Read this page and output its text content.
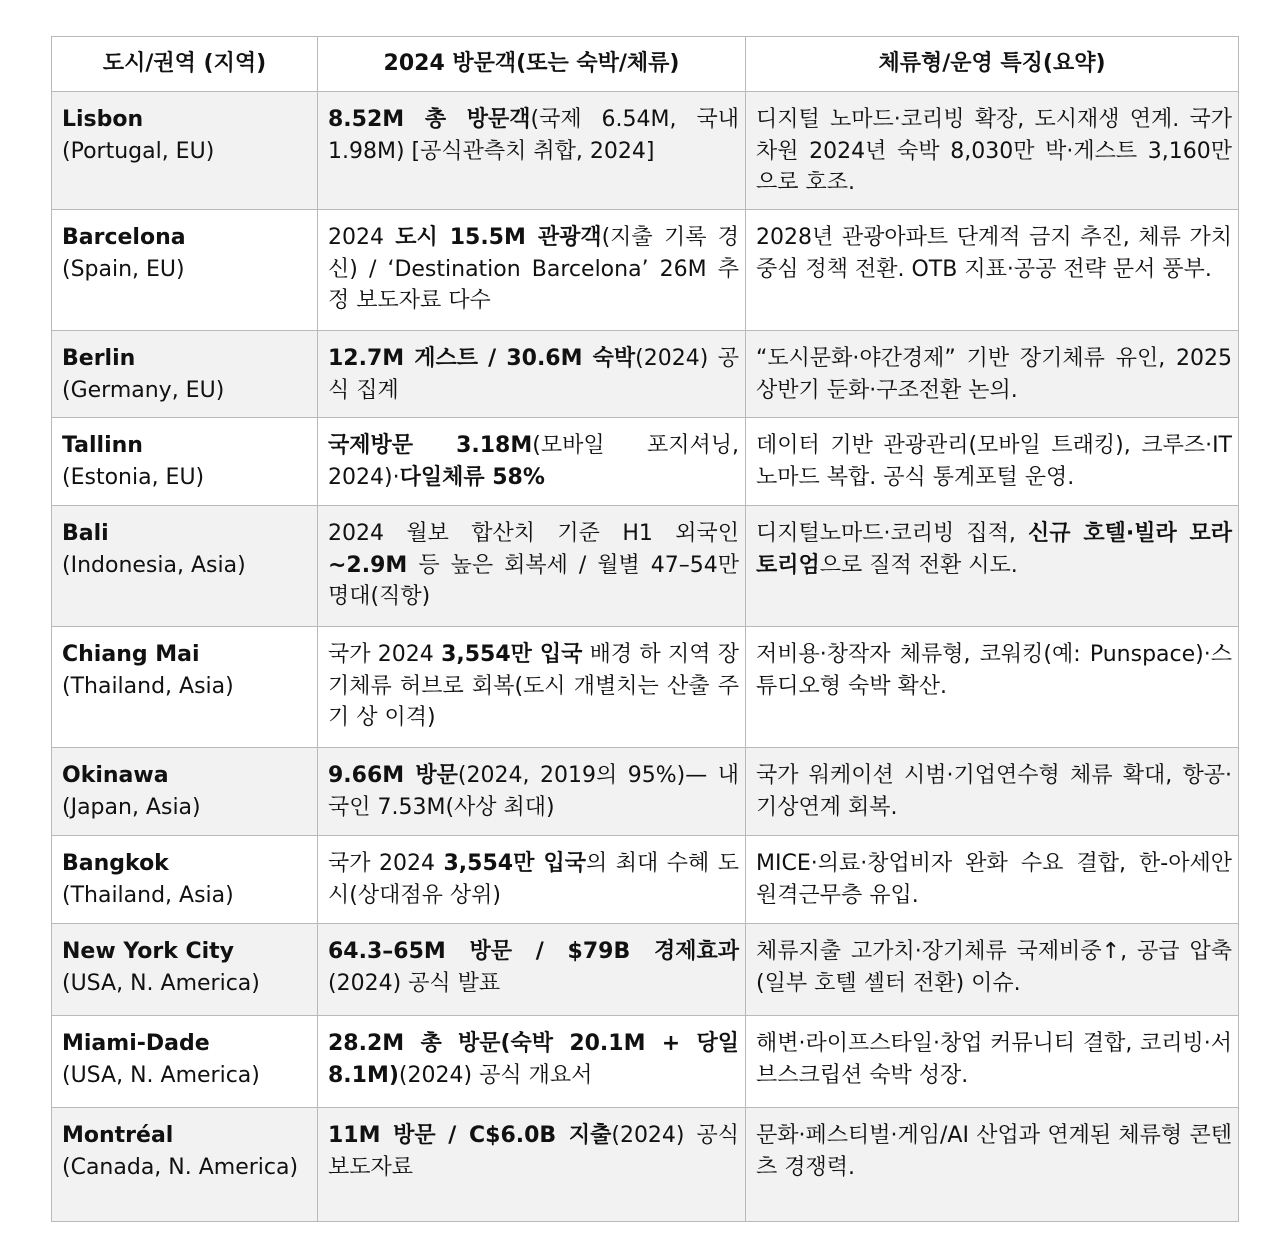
도시/권역 (지역)	2024 방문객(또는 숙박/체류)	체류형/운영 특징(요약)

Lisbon
(Portugal, EU)	8.52M 총 방문객(국제 6.54M, 국내 1.98M) [공식관측치 취합, 2024]	디지털 노마드·코리빙 확장, 도시재생 연계. 국가 차원 2024년 숙박 8,030만 박·게스트 3,160만으로 호조.

Barcelona
(Spain, EU)	2024 도시 15.5M 관광객(지출 기록 경신) / ‘Destination Barcelona’ 26M 추정 보도자료 다수	2028년 관광아파트 단계적 금지 추진, 체류 가치 중심 정책 전환. OTB 지표·공공 전략 문서 풍부.

Berlin
(Germany, EU)	12.7M 게스트 / 30.6M 숙박(2024) 공식 집계	“도시문화·야간경제” 기반 장기체류 유인, 2025 상반기 둔화·구조전환 논의.

Tallinn
(Estonia, EU)	국제방문 3.18M(모바일 포지셔닝, 2024)·다일체류 58%	데이터 기반 관광관리(모바일 트래킹), 크루즈·IT노마드 복합. 공식 통계포털 운영.

Bali
(Indonesia, Asia)	2024 월보 합산치 기준 H1 외국인 ~2.9M 등 높은 회복세 / 월별 47–54만 명대(직항)	디지털노마드·코리빙 집적, 신규 호텔·빌라 모라토리엄으로 질적 전환 시도.

Chiang Mai
(Thailand, Asia)	국가 2024 3,554만 입국 배경 하 지역 장기체류 허브로 회복(도시 개별치는 산출 주기 상 이격)	저비용·창작자 체류형, 코워킹(예: Punspace)·스튜디오형 숙박 확산.

Okinawa
(Japan, Asia)	9.66M 방문(2024, 2019의 95%)— 내국인 7.53M(사상 최대)	국가 워케이션 시범·기업연수형 체류 확대, 항공·기상연계 회복.

Bangkok
(Thailand, Asia)	국가 2024 3,554만 입국의 최대 수혜 도시(상대점유 상위)	MICE·의료·창업비자 완화 수요 결합, 한-아세안 원격근무층 유입.

New York City
(USA, N. America)	64.3–65M 방문 / $79B 경제효과(2024) 공식 발표	체류지출 고가치·장기체류 국제비중↑, 공급 압축(일부 호텔 셸터 전환) 이슈.

Miami-Dade
(USA, N. America)	28.2M 총 방문(숙박 20.1M + 당일 8.1M)(2024) 공식 개요서	해변·라이프스타일·창업 커뮤니티 결합, 코리빙·서브스크립션 숙박 성장.

Montréal
(Canada, N. America)	11M 방문 / C$6.0B 지출(2024) 공식 보도자료	문화·페스티벌·게임/AI 산업과 연계된 체류형 콘텐츠 경쟁력.
